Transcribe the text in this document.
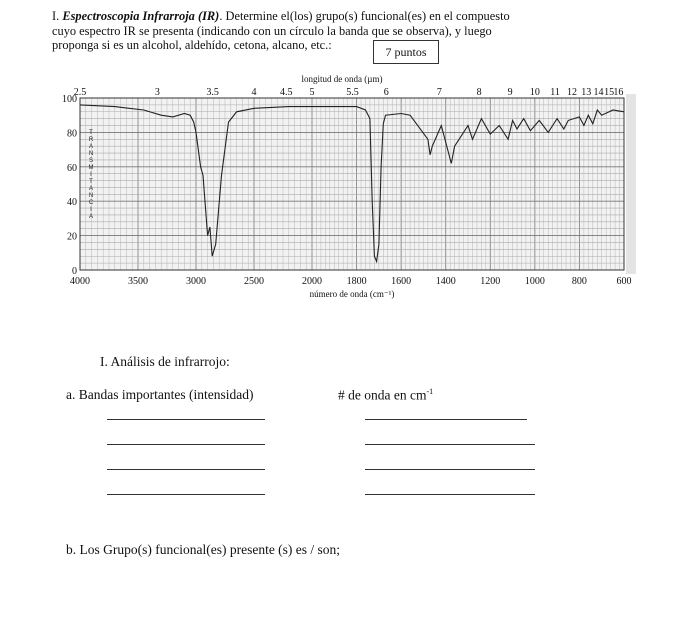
I. Espectroscopia Infrarroja (IR). Determine el(los) grupo(s) funcional(es) en el compuesto
cuyo espectro IR se presenta (indicando con un círculo la banda que se observa), y luego
proponga si es un alcohol, aldehído, cetona, alcano, etc.:	7 puntos
0
20
40
60
80
100
T
R
A
N
S
M
I
T
A
N
C
I
A
4000	3500	3000	2500	2000 1800 1600 1400 1200 1000	800	600
número de onda (cm⁻¹)
2.5	3	3.5	4 4.5 5	5.5	6	7	8	9 10 11 12 13 14 15 16
longitud de onda (µm)
I. Análisis de infrarrojo:
a. Bandas importantes (intensidad)	# de onda en $cm^{-1}$
b. Los Grupo(s) funcional(es) presente (s) es / son;
